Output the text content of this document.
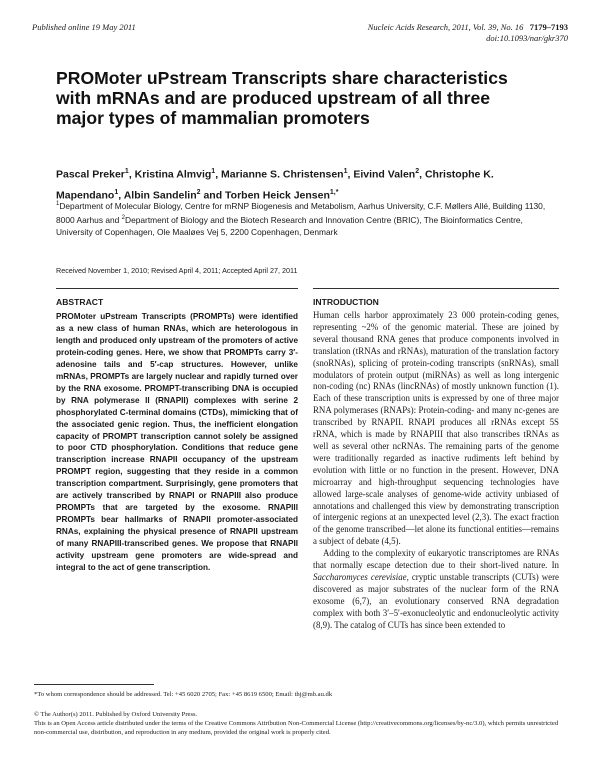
Published online 19 May 2011	Nucleic Acids Research, 2011, Vol. 39, No. 16 7179–7193
doi:10.1093/nar/gkr370
PROMoter uPstream Transcripts share characteristics with mRNAs and are produced upstream of all three major types of mammalian promoters
Pascal Preker$^1$, Kristina Almvig$^1$, Marianne S. Christensen$^1$, Eivind Valen$^2$, Christophe K. Mapendano$^1$, Albin Sandelin$^2$ and Torben Heick Jensen$^{1,*}$
$^1$Department of Molecular Biology, Centre for mRNP Biogenesis and Metabolism, Aarhus University, C.F. Møllers Allé, Building 1130, 8000 Aarhus and $^2$Department of Biology and the Biotech Research and Innovation Centre (BRIC), The Bioinformatics Centre, University of Copenhagen, Ole Maaløes Vej 5, 2200 Copenhagen, Denmark
Received November 1, 2010; Revised April 4, 2011; Accepted April 27, 2011
ABSTRACT
PROMoter uPstream Transcripts (PROMPTs) were identified as a new class of human RNAs, which are heterologous in length and produced only upstream of the promoters of active protein-coding genes. Here, we show that PROMPTs carry 3′-adenosine tails and 5′-cap structures. However, unlike mRNAs, PROMPTs are largely nuclear and rapidly turned over by the RNA exosome. PROMPT-transcribing DNA is occupied by RNA polymerase II (RNAPII) complexes with serine 2 phosphorylated C-terminal domains (CTDs), mimicking that of the associated genic region. Thus, the inefficient elongation capacity of PROMPT transcription cannot solely be assigned to poor CTD phosphorylation. Conditions that reduce gene transcription increase RNAPII occupancy of the upstream PROMPT region, suggesting that they reside in a common transcription compartment. Surprisingly, gene promoters that are actively transcribed by RNAPI or RNAPIII also produce PROMPTs that are targeted by the exosome. RNAPIII PROMPTs bear hallmarks of RNAPII promoter-associated RNAs, explaining the physical presence of RNAPII upstream of many RNAPIII-transcribed genes. We propose that RNAPII activity upstream gene promoters are wide-spread and integral to the act of gene transcription.
INTRODUCTION

Human cells harbor approximately 23 000 protein-coding genes, representing ~2% of the genomic material. These are joined by several thousand RNA genes that produce components involved in translation (tRNAs and rRNAs), maturation of the translation factory (snoRNAs), splicing of protein-coding transcripts (snRNAs), small modulators of protein output (miRNAs) as well as long intergenic non-coding (nc) RNAs (lincRNAs) of mostly unknown function (1). Each of these transcription units is expressed by one of three major RNA polymerases (RNAPs): Protein-coding- and many nc-genes are transcribed by RNAPII. RNAPI produces all rRNAs except 5S rRNA, which is made by RNAPIII that also transcribes tRNAs as well as several other ncRNAs. The remaining parts of the genome were traditionally regarded as inactive rudiments left behind by evolution with little or no function in the present. However, DNA microarray and high-throughput sequencing technologies have allowed large-scale analyses of genome-wide activity unbiased of annotations and challenged this view by demonstrating transcription of intergenic regions at an unexpected level (2,3). The exact fraction of the genome transcribed—let alone its functional entities—remains a subject of debate (4,5).

Adding to the complexity of eukaryotic transcriptomes are RNAs that normally escape detection due to their short-lived nature. In Saccharomyces cerevisiae, cryptic unstable transcripts (CUTs) were discovered as major substrates of the nuclear form of the RNA exosome (6,7), an evolutionary conserved RNA degradation complex with both 3′–5′-exonucleolytic and endonucleolytic activity (8,9). The catalog of CUTs has since been extended to

*To whom correspondence should be addressed. Tel: +45 6020 2705; Fax: +45 8619 6500; Email: thj@mb.au.dk
© The Author(s) 2011. Published by Oxford University Press.
This is an Open Access article distributed under the terms of the Creative Commons Attribution Non-Commercial License (http://creativecommons.org/licenses/by-nc/3.0), which permits unrestricted non-commercial use, distribution, and reproduction in any medium, provided the original work is properly cited.
